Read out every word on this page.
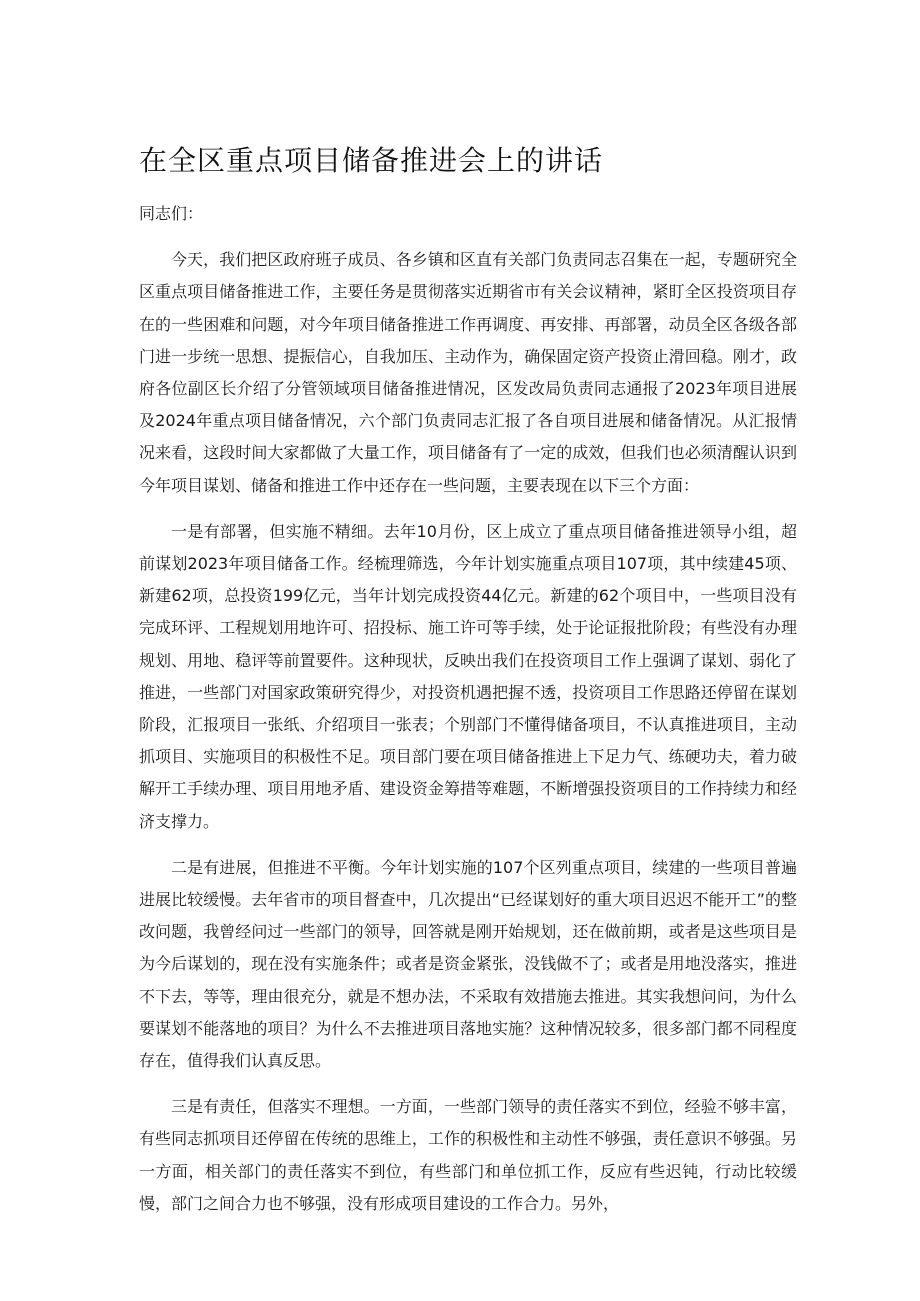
在全区重点项目储备推进会上的讲话

同志们：

今天，我们把区政府班子成员、各乡镇和区直有关部门负责同志召集在一起，专题研究全区重点项目储备推进工作，主要任务是贯彻落实近期省市有关会议精神，紧盯全区投资项目存在的一些困难和问题，对今年项目储备推进工作再调度、再安排、再部署，动员全区各级各部门进一步统一思想、提振信心，自我加压、主动作为，确保固定资产投资止滑回稳。刚才，政府各位副区长介绍了分管领域项目储备推进情况，区发改局负责同志通报了2023年项目进展及2024年重点项目储备情况，六个部门负责同志汇报了各自项目进展和储备情况。从汇报情况来看，这段时间大家都做了大量工作，项目储备有了一定的成效，但我们也必须清醒认识到今年项目谋划、储备和推进工作中还存在一些问题，主要表现在以下三个方面：

一是有部署，但实施不精细。去年10月份，区上成立了重点项目储备推进领导小组，超前谋划2023年项目储备工作。经梳理筛选，今年计划实施重点项目107项，其中续建45项、新建62项，总投资199亿元，当年计划完成投资44亿元。新建的62个项目中，一些项目没有完成环评、工程规划用地许可、招投标、施工许可等手续，处于论证报批阶段；有些没有办理规划、用地、稳评等前置要件。这种现状，反映出我们在投资项目工作上强调了谋划、弱化了推进，一些部门对国家政策研究得少，对投资机遇把握不透，投资项目工作思路还停留在谋划阶段，汇报项目一张纸、介绍项目一张表；个别部门不懂得储备项目，不认真推进项目，主动抓项目、实施项目的积极性不足。项目部门要在项目储备推进上下足力气、练硬功夫，着力破解开工手续办理、项目用地矛盾、建设资金筹措等难题，不断增强投资项目的工作持续力和经济支撑力。

二是有进展，但推进不平衡。今年计划实施的107个区列重点项目，续建的一些项目普遍进展比较缓慢。去年省市的项目督查中，几次提出“已经谋划好的重大项目迟迟不能开工”的整改问题，我曾经问过一些部门的领导，回答就是刚开始规划，还在做前期，或者是这些项目是为今后谋划的，现在没有实施条件；或者是资金紧张，没钱做不了；或者是用地没落实，推进不下去，等等，理由很充分，就是不想办法，不采取有效措施去推进。其实我想问问，为什么要谋划不能落地的项目？为什么不去推进项目落地实施？这种情况较多，很多部门都不同程度存在，值得我们认真反思。

三是有责任，但落实不理想。一方面，一些部门领导的责任落实不到位，经验不够丰富，有些同志抓项目还停留在传统的思维上，工作的积极性和主动性不够强，责任意识不够强。另一方面，相关部门的责任落实不到位，有些部门和单位抓工作，反应有些迟钝，行动比较缓慢，部门之间合力也不够强，没有形成项目建设的工作合力。另外，
